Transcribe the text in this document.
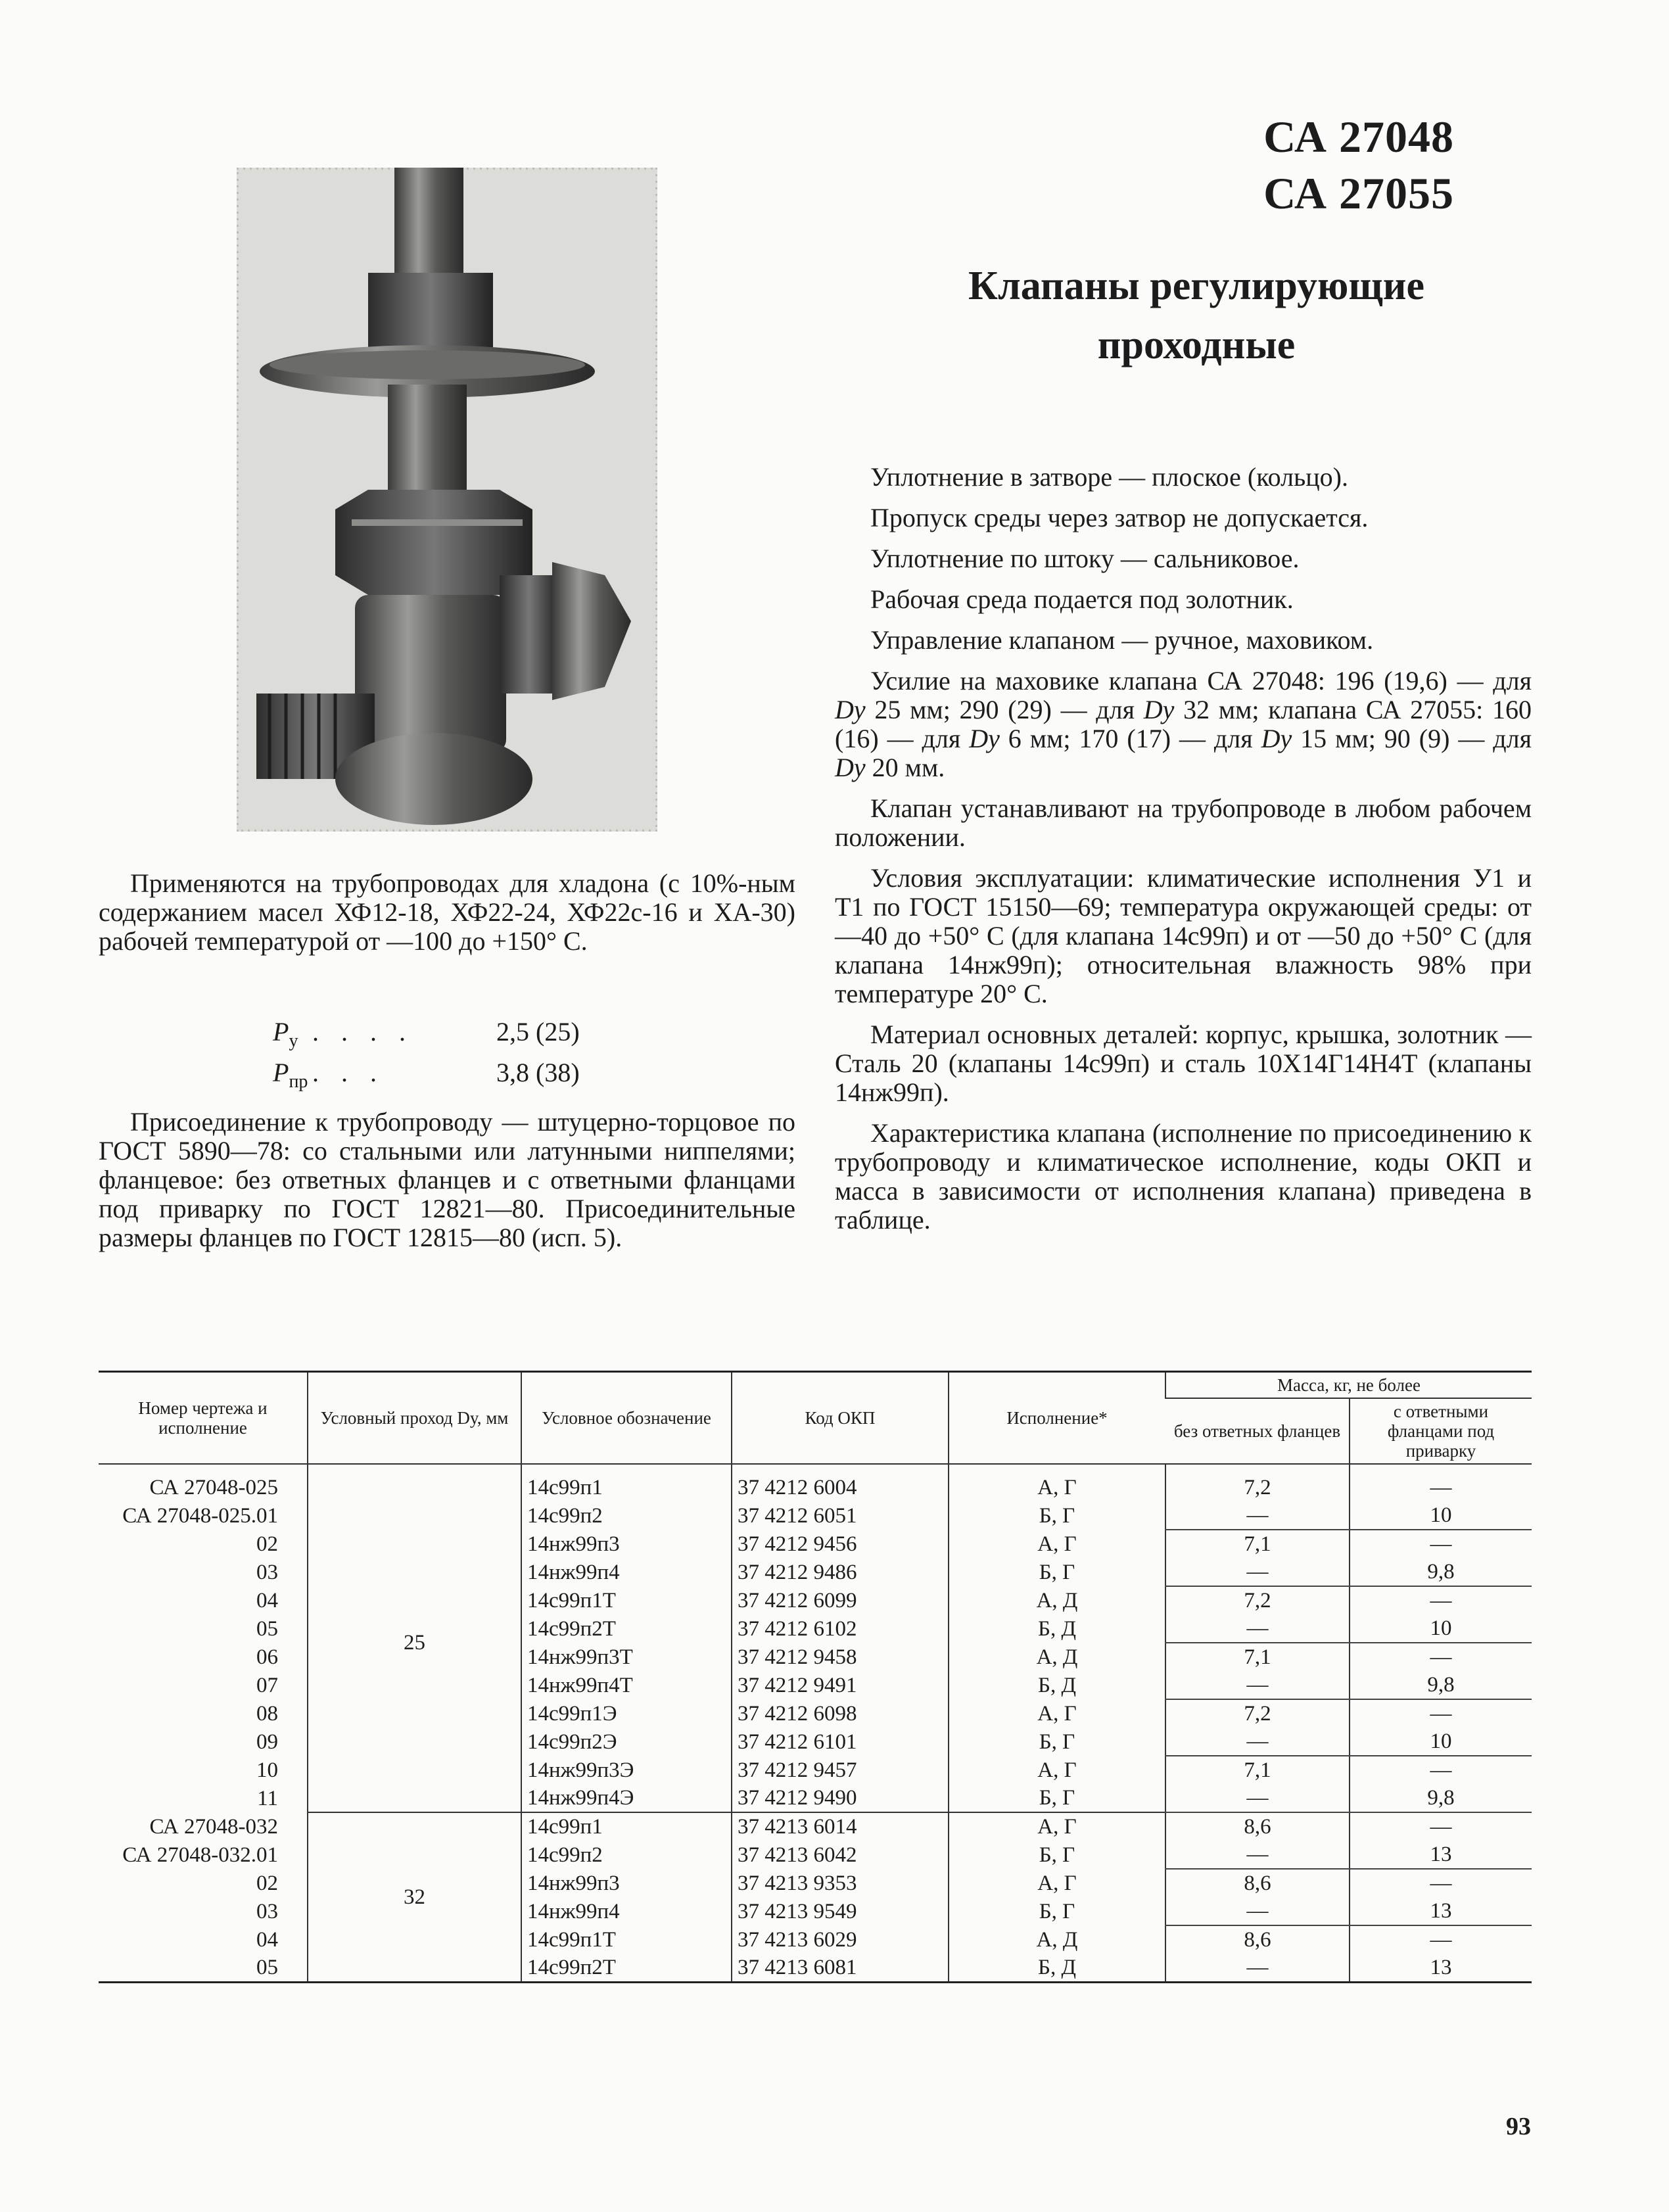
СА 27048
СА 27055
Клапаны регулирующие
проходные

Применяются на трубопроводах для хладона (с 10%-ным содержанием масел ХФ12-18, ХФ22-24, ХФ22с-16 и ХА-30) рабочей температурой от —100 до +150° С.

$P_у$ . . . .	2,5 (25)
$P_{пр}$ . . .	3,8 (38)

Присоединение к трубопроводу — штуцерно-торцовое по ГОСТ 5890—78: со стальными или латунными ниппелями; фланцевое: без ответных фланцев и с ответными фланцами под приварку по ГОСТ 12821—80. Присоединительные размеры фланцев по ГОСТ 12815—80 (исп. 5).

Уплотнение в затворе — плоское (кольцо).

Пропуск среды через затвор не допускается.

Уплотнение по штоку — сальниковое.

Рабочая среда подается под золотник.

Управление клапаном — ручное, маховиком.

Усилие на маховике клапана СА 27048: 196 (19,6) — для Dу 25 мм; 290 (29) — для Dу 32 мм; клапана СА 27055: 160 (16) — для Dу 6 мм; 170 (17) — для Dу 15 мм; 90 (9) — для Dу 20 мм.

Клапан устанавливают на трубопроводе в любом рабочем положении.

Условия эксплуатации: климатические исполнения У1 и Т1 по ГОСТ 15150—69; температура окружающей среды: от —40 до +50° С (для клапана 14с99п) и от —50 до +50° С (для клапана 14нж99п); относительная влажность 98% при температуре 20° С.

Материал основных деталей: корпус, крышка, золотник — Сталь 20 (клапаны 14с99п) и сталь 10Х14Г14Н4Т (клапаны 14нж99п).

Характеристика клапана (исполнение по присоединению к трубопроводу и климатическое исполнение, коды ОКП и масса в зависимости от исполнения клапана) приведена в таблице.

Номер чертежа и исполнение	Условный проход Dу, мм	Условное обозначение	Код ОКП	Исполнение*	Масса, кг, не более	
					без ответных фланцев	с ответными фланцами под приварку
СА 27048-025	25	14с99п1	37 4212 6004	А, Г	7,2	—
СА 27048-025.01		14с99п2	37 4212 6051	Б, Г	—	10
02		14нж99п3	37 4212 9456	А, Г	7,1	—
03		14нж99п4	37 4212 9486	Б, Г	—	9,8
04		14с99п1Т	37 4212 6099	А, Д	7,2	—
05		14с99п2Т	37 4212 6102	Б, Д	—	10
06		14нж99п3Т	37 4212 9458	А, Д	7,1	—
07		14нж99п4Т	37 4212 9491	Б, Д	—	9,8
08		14с99п1Э	37 4212 6098	А, Г	7,2	—
09		14с99п2Э	37 4212 6101	Б, Г	—	10
10		14нж99п3Э	37 4212 9457	А, Г	7,1	—
11		14нж99п4Э	37 4212 9490	Б, Г	—	9,8
СА 27048-032	32	14с99п1	37 4213 6014	А, Г	8,6	—
СА 27048-032.01		14с99п2	37 4213 6042	Б, Г	—	13
02		14нж99п3	37 4213 9353	А, Г	8,6	—
03		14нж99п4	37 4213 9549	Б, Г	—	13
04		14с99п1Т	37 4213 6029	А, Д	8,6	—
05		14с99п2Т	37 4213 6081	Б, Д	—	13
93
